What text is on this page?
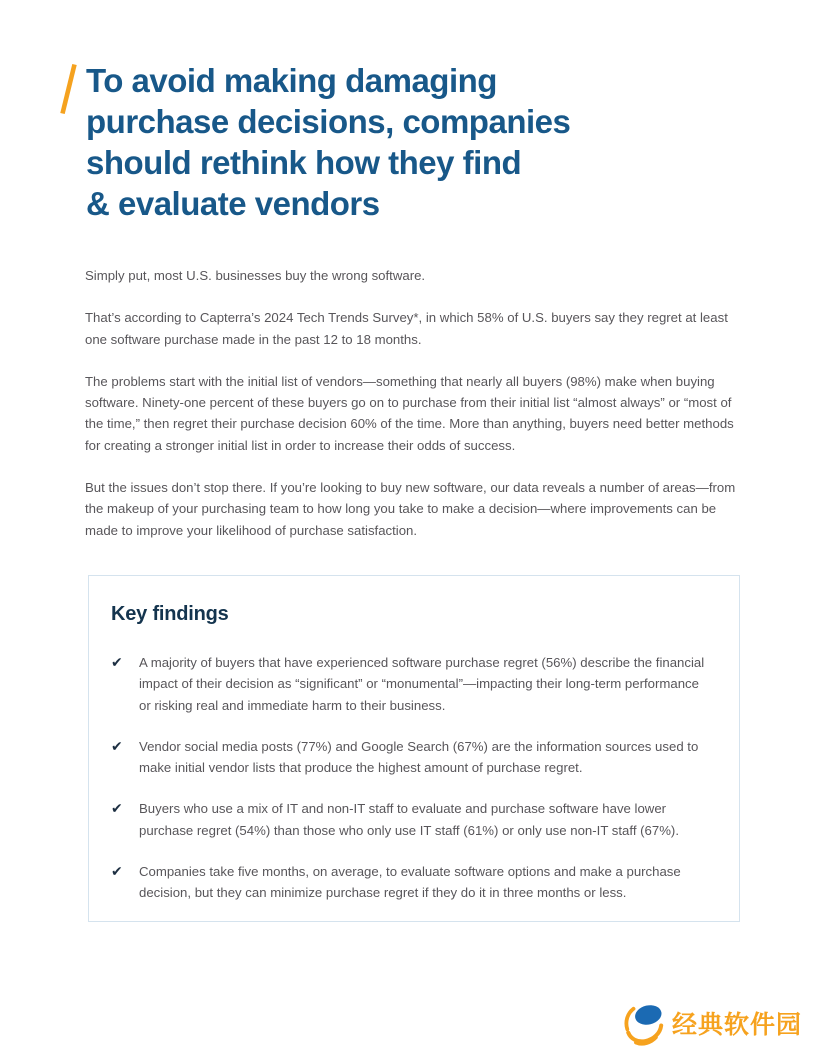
To avoid making damaging
purchase decisions, companies
should rethink how they find
& evaluate vendors

Simply put, most U.S. businesses buy the wrong software.

That’s according to Capterra’s 2024 Tech Trends Survey*, in which 58% of U.S. buyers say they regret at least one software purchase made in the past 12 to 18 months.

The problems start with the initial list of vendors—something that nearly all buyers (98%) make when buying software. Ninety-one percent of these buyers go on to purchase from their initial list “almost always” or “most of the time,” then regret their purchase decision 60% of the time. More than anything, buyers need better methods for creating a stronger initial list in order to increase their odds of success.

But the issues don’t stop there. If you’re looking to buy new software, our data reveals a number of areas—from the makeup of your purchasing team to how long you take to make a decision—where improvements can be made to improve your likelihood of purchase satisfaction.

Key findings
✔	A majority of buyers that have experienced software purchase regret (56%) describe the financial impact of their decision as “significant” or “monumental”—impacting their long-term performance or risking real and immediate harm to their business.
✔	Vendor social media posts (77%) and Google Search (67%) are the information sources used to make initial vendor lists that produce the highest amount of purchase regret.
✔	Buyers who use a mix of IT and non-IT staff to evaluate and purchase software have lower purchase regret (54%) than those who only use IT staff (61%) or only use non-IT staff (67%).
✔	Companies take five months, on average, to evaluate software options and make a purchase decision, but they can minimize purchase regret if they do it in three months or less.
经典软件园
